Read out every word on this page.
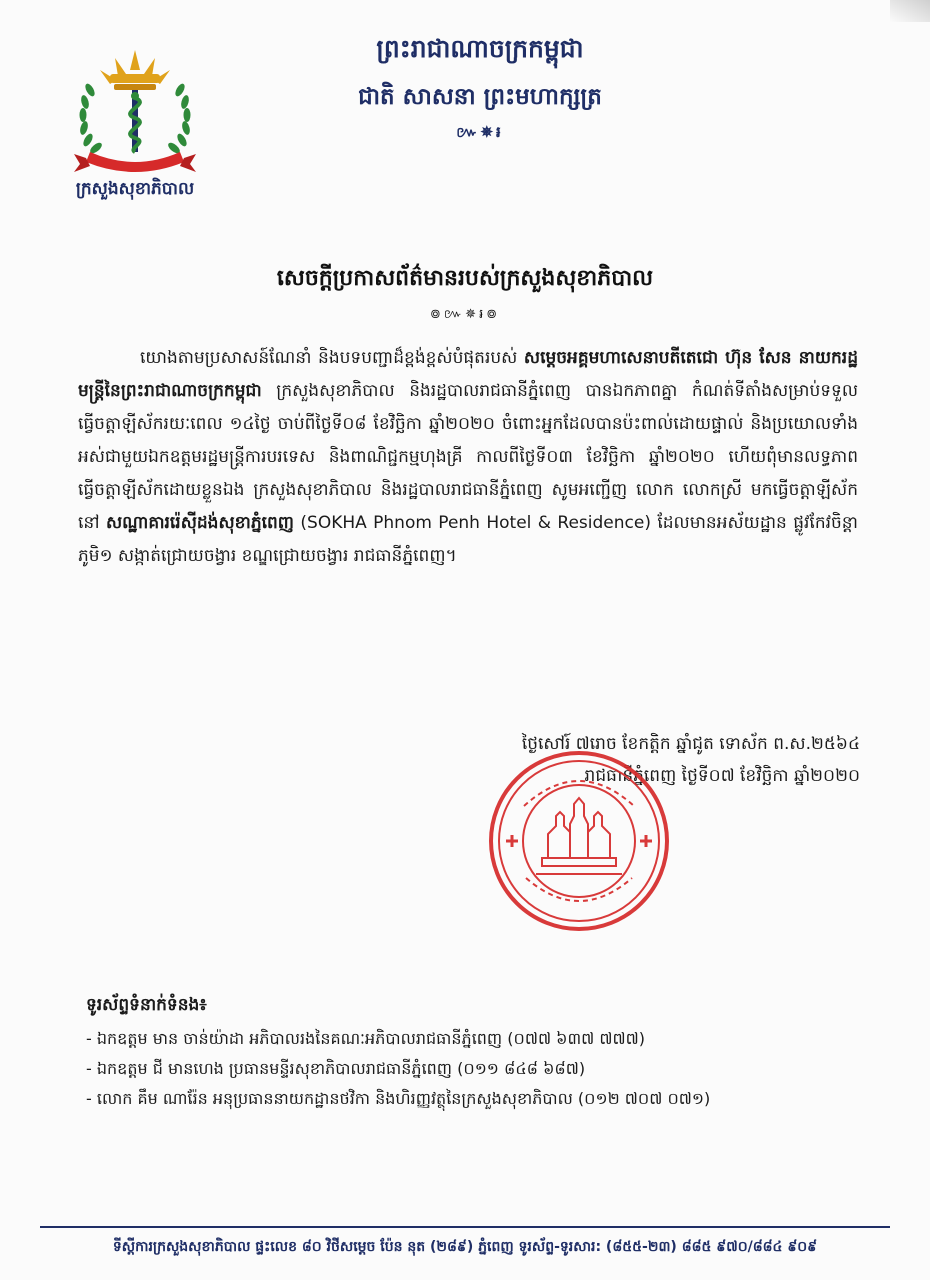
ក្រសួងសុខាភិបាល
ព្រះរាជាណាចក្រកម្ពុជា
ជាតិ សាសនា ព្រះមហាក្សត្រ
៚✵៛
សេចក្តីប្រកាសព័ត៌មានរបស់ក្រសួងសុខាភិបាល
៙៚✵៛៙
យោងតាមប្រសាសន៍ណែនាំ និងបទបញ្ជាដ៏ខ្ពង់ខ្ពស់បំផុតរបស់ សម្តេចអគ្គមហាសេនាបតីតេជោ ហ៊ុន សែន នាយករដ្ឋមន្ត្រីនៃព្រះរាជាណាចក្រកម្ពុជា ក្រសួងសុខាភិបាល និងរដ្ឋបាលរាជធានីភ្នំពេញ បានឯកភាពគ្នា កំណត់ទីតាំងសម្រាប់ទទួលធ្វើចត្តាឡីស័ករយៈពេល ១៤ថ្ងៃ ចាប់ពីថ្ងៃទី០៨ ខែវិច្ឆិកា ឆ្នាំ២០២០ ចំពោះអ្នកដែលបានប៉ះពាល់ដោយផ្ទាល់ និងប្រយោលទាំងអស់ជាមួយឯកឧត្តមរដ្ឋមន្ត្រីការបរទេស និងពាណិជ្ជកម្មហុងគ្រី កាលពីថ្ងៃទី០៣ ខែវិច្ឆិកា ឆ្នាំ២០២០ ហើយពុំមានលទ្ធភាពធ្វើចត្តាឡីស័កដោយខ្លួនឯង ក្រសួងសុខាភិបាល និងរដ្ឋបាលរាជធានីភ្នំពេញ សូមអញ្ជើញ លោក លោកស្រី មកធ្វើចត្តាឡីស័កនៅ សណ្ឋាគាររ៉េស៊ីដង់សុខាភ្នំពេញ (SOKHA Phnom Penh Hotel & Residence) ដែលមានអស័យដ្ឋាន ផ្លូវកែវចិន្តា ភូមិ១ សង្កាត់ជ្រោយចង្វារ ខណ្ឌជ្រោយចង្វារ រាជធានីភ្នំពេញ។
ថ្ងៃសៅរ៍ ៧រោច ខែកត្តិក ឆ្នាំជូត ទោស័ក ព.ស.២៥៦៤
រាជធានីភ្នំពេញ ថ្ងៃទី០៧ ខែវិច្ឆិកា ឆ្នាំ២០២០
ទូរស័ព្ទទំនាក់ទំនង៖
- ឯកឧត្តម មាន ចាន់យ៉ាដា អភិបាលរងនៃគណៈអភិបាលរាជធានីភ្នំពេញ (០៧៧ ៦៣៧ ៧៧៧)
- ឯកឧត្តម ជី មានហេង ប្រធានមន្ទីរសុខាភិបាលរាជធានីភ្នំពេញ (០១១ ៨៤៨ ៦៨៧)
- លោក គឹម ណារ៉ែន អនុប្រធាននាយកដ្ឋានថវិកា និងហិរញ្ញវត្ថុនៃក្រសួងសុខាភិបាល (០១២ ៧០៧ ០៧១)
ទីស្តីការក្រសួងសុខាភិបាល ផ្ទះលេខ ៨០ វិថីសម្តេច ប៉ែន នុត (២៨៩) ភ្នំពេញ ទូរស័ព្ទ-ទូរសារ: (៨៥៥-២៣) ៨៨៥ ៩៧០/៨៨៤ ៩០៩
